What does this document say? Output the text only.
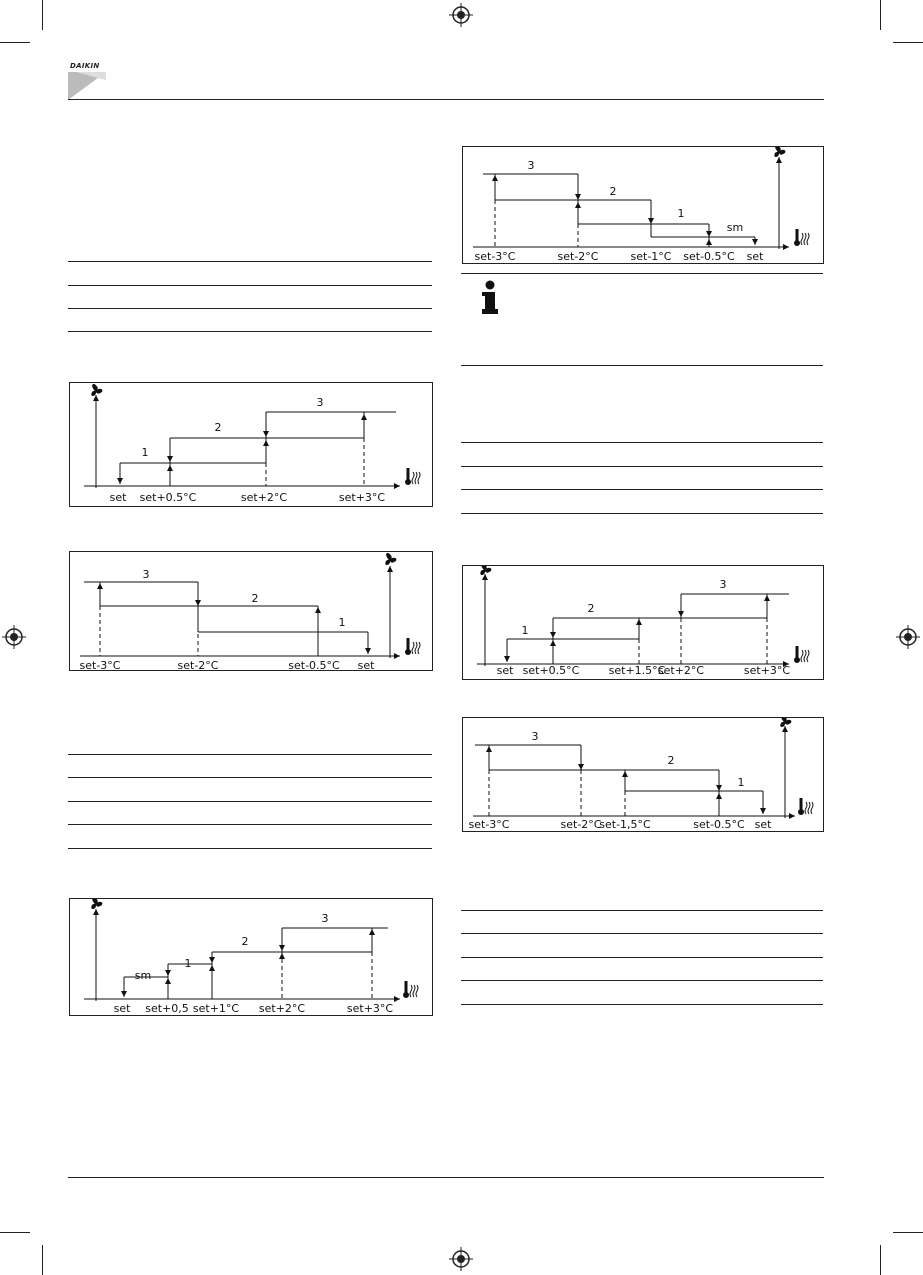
DAIKIN
set set+0.5°C	set+2°C	set+3°C
1
2
3
set-3°C	set-2°C	set-0.5°C set
3
2
1
set set+0,5 set+1°C set+2°C	set+3°C
sm
1
2
3
set-3°C	set-2°C	set-1°C set-0.5°C set
3
2
1
sm
set set+0.5°C	set+1.5°C
set+2°C	set+3°C
1
2
3
set-3°C	set-2°C
set-1,5°C	set-0.5°C set
3
2
1
